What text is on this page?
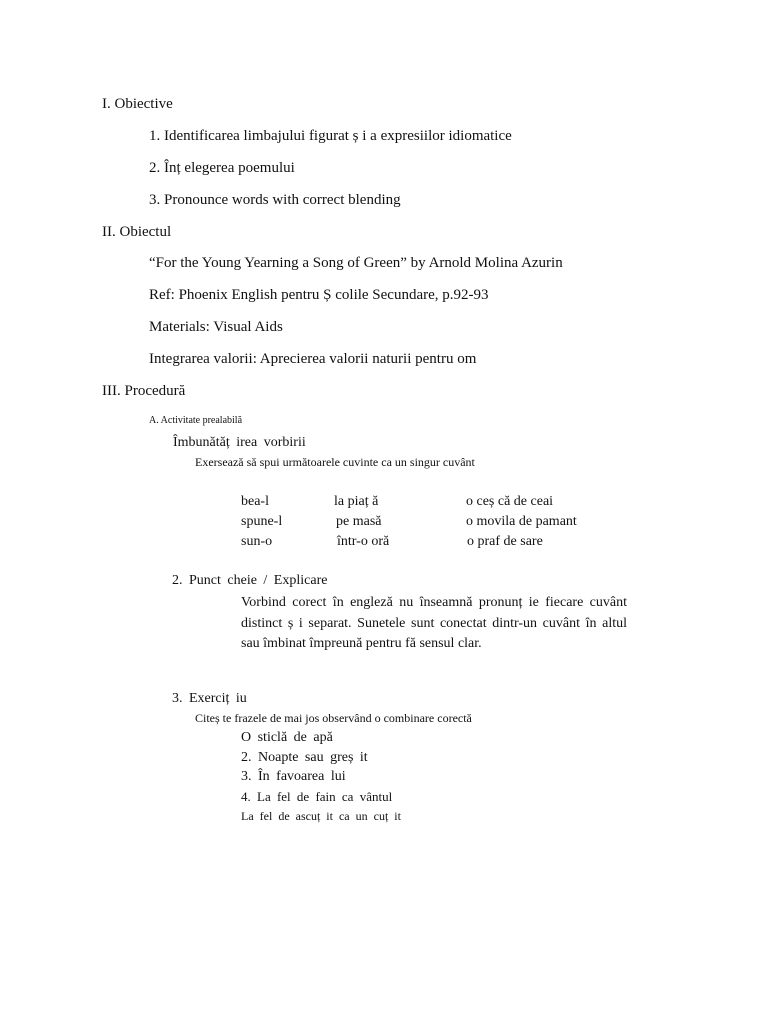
I. Obiective
1. Identificarea limbajului figurat ș i a expresiilor idiomatice
2. Înț elegerea poemului
3. Pronounce words with correct blending
II. Obiectul
“For the Young Yearning a Song of Green” by Arnold Molina Azurin
Ref: Phoenix English pentru Ș colile Secundare, p.92-93
Materials: Visual Aids
Integrarea valorii: Aprecierea valorii naturii pentru om
III. Procedură
A. Activitate prealabilă
Îmbunătăț irea vorbirii
Exersează să spui următoarele cuvinte ca un singur cuvânt
bea-l	la piaț ă	o ceș că de ceai
spune-l	pe masă	o movila de pamant
sun-o	într-o oră	o praf de sare
2. Punct cheie / Explicare
Vorbind corect în engleză nu înseamnă pronunț ie fiecare cuvânt distinct ș i separat. Sunetele sunt conectat dintr-un cuvânt în altul sau îmbinat împreună pentru fă sensul clar.
3. Exerciț iu
Citeș te frazele de mai jos observând o combinare corectă
O sticlă de apă
2. Noapte sau greș it
3. În favoarea lui
4. La fel de fain ca vântul
La fel de ascuț it ca un cuț it
